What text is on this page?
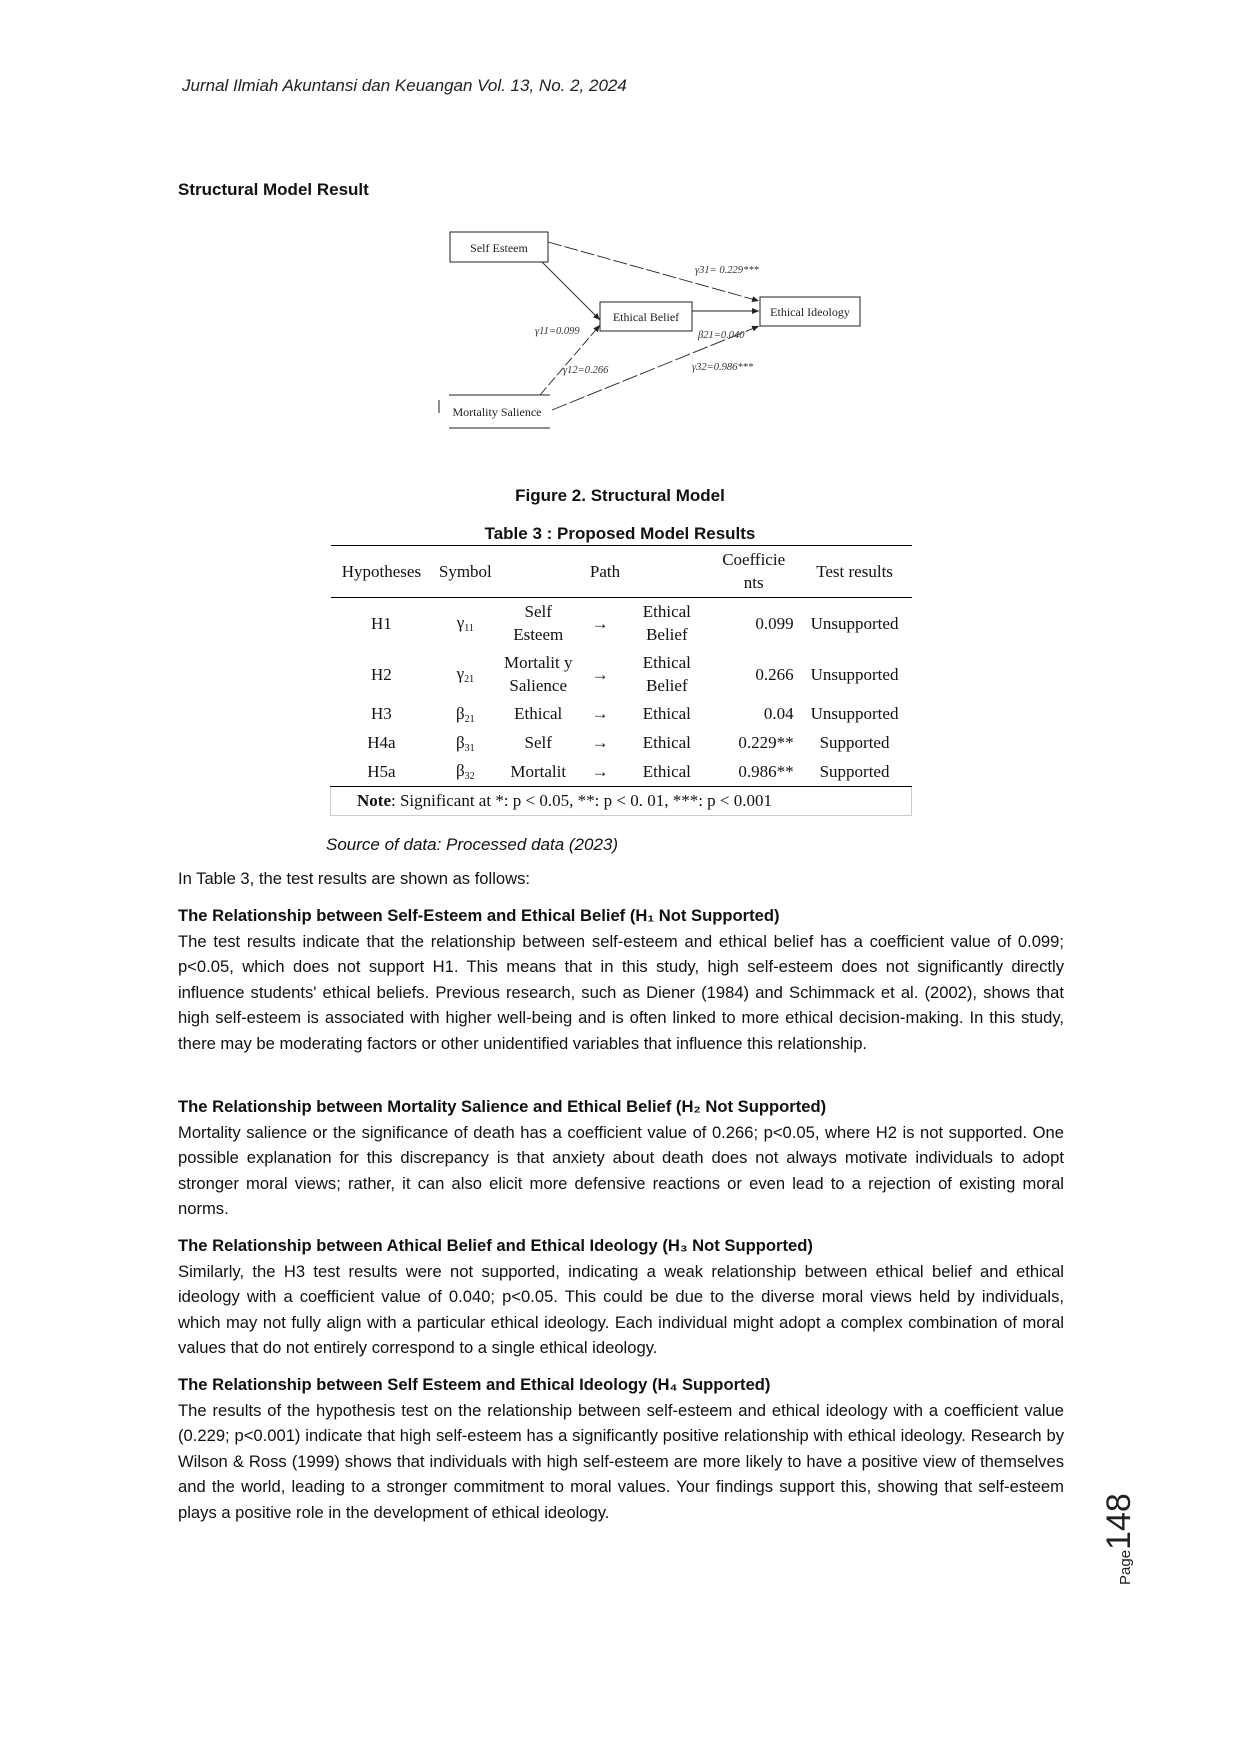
Jurnal Ilmiah Akuntansi dan Keuangan Vol. 13, No. 2, 2024
Structural Model Result
Self Esteem
Ethical Belief	Ethical Ideology
Mortality Salience
γ31= 0.229***
γ11=0.099	β21=0.040
γ12=0.266	γ32=0.986***
Figure 2. Structural Model
Table 3 : Proposed Model Results
Hypotheses	Symbol	Path			Coefficie nts	Test results
H1	$\gamma_{11}$	Self Esteem	→	Ethical Belief	0.099	Unsupported
H2	$\gamma_{21}$	Mortalit y Salience	→	Ethical Belief	0.266	Unsupported
H3	$\beta_{21}$	Ethical	→	Ethical	0.04	Unsupported
H4a	$\beta_{31}$	Self	→	Ethical	0.229**	Supported
H5a	$\beta_{32}$	Mortalit	→	Ethical	0.986**	Supported
Note: Significant at *: p < 0.05, **: p < 0. 01, ***: p < 0.001						
Source of data: Processed data (2023)

In Table 3, the test results are shown as follows:

The Relationship between Self-Esteem and Ethical Belief (H₁ Not Supported)

The test results indicate that the relationship between self-esteem and ethical belief has a coefficient value of 0.099; p<0.05, which does not support H1. This means that in this study, high self-esteem does not significantly directly influence students' ethical beliefs. Previous research, such as Diener (1984) and Schimmack et al. (2002), shows that high self-esteem is associated with higher well-being and is often linked to more ethical decision-making. In this study, there may be moderating factors or other unidentified variables that influence this relationship.

The Relationship between Mortality Salience and Ethical Belief (H₂ Not Supported)

Mortality salience or the significance of death has a coefficient value of 0.266; p<0.05, where H2 is not supported. One possible explanation for this discrepancy is that anxiety about death does not always motivate individuals to adopt stronger moral views; rather, it can also elicit more defensive reactions or even lead to a rejection of existing moral norms.

The Relationship between Athical Belief and Ethical Ideology (H₃ Not Supported)

Similarly, the H3 test results were not supported, indicating a weak relationship between ethical belief and ethical ideology with a coefficient value of 0.040; p<0.05. This could be due to the diverse moral views held by individuals, which may not fully align with a particular ethical ideology. Each individual might adopt a complex combination of moral values that do not entirely correspond to a single ethical ideology.

The Relationship between Self Esteem and Ethical Ideology (H₄ Supported)

The results of the hypothesis test on the relationship between self-esteem and ethical ideology with a coefficient value (0.229; p<0.001) indicate that high self-esteem has a significantly positive relationship with ethical ideology. Research by Wilson & Ross (1999) shows that individuals with high self-esteem are more likely to have a positive view of themselves and the world, leading to a stronger commitment to moral values. Your findings support this, showing that self-esteem plays a positive role in the development of ethical ideology.

Page148
